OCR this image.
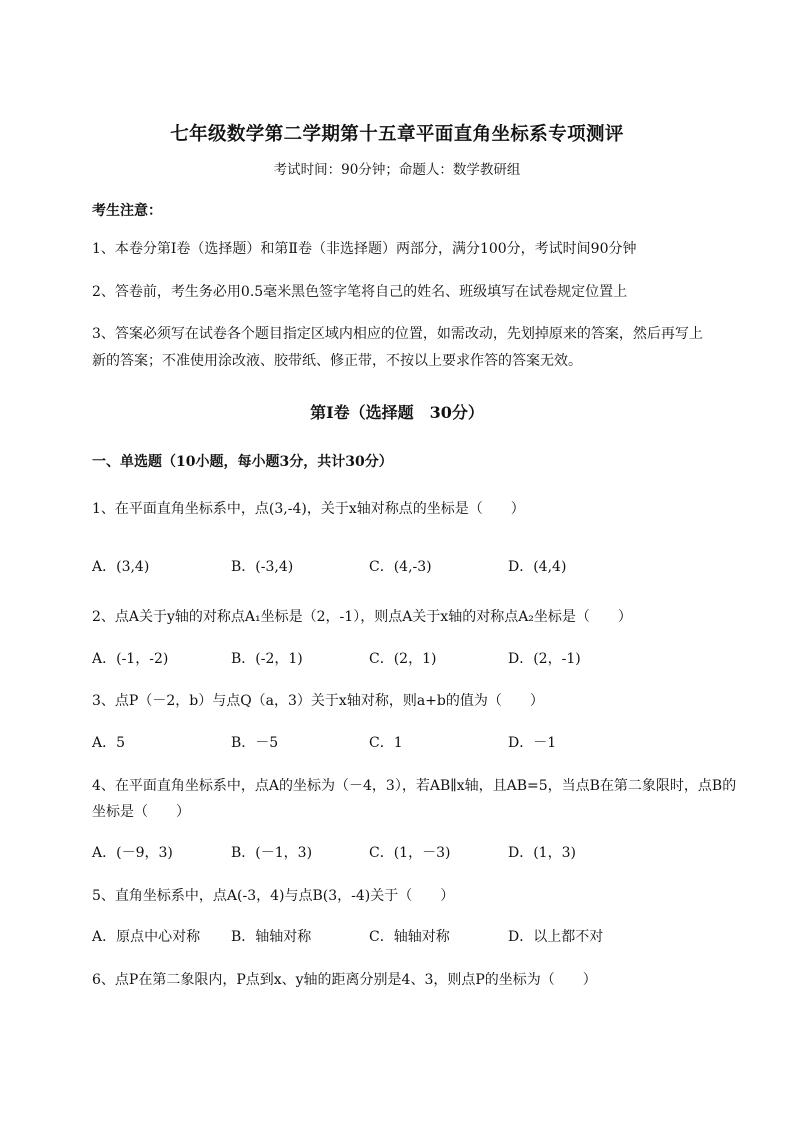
七年级数学第二学期第十五章平面直角坐标系专项测评
考试时间：90分钟；命题人：数学教研组
考生注意：
1、本卷分第I卷（选择题）和第Ⅱ卷（非选择题）两部分，满分100分，考试时间90分钟
2、答卷前，考生务必用0.5毫米黑色签字笔将自己的姓名、班级填写在试卷规定位置上
3、答案必须写在试卷各个题目指定区域内相应的位置，如需改动，先划掉原来的答案，然后再写上新的答案；不准使用涂改液、胶带纸、修正带，不按以上要求作答的答案无效。
第I卷（选择题　30分）
一、单选题（10小题，每小题3分，共计30分）
1、在平面直角坐标系中，点(3,-4)，关于x轴对称点的坐标是（　　）
A．(3,4)	B．(-3,4)	C．(4,-3)	D．(4,4)
2、点A关于y轴的对称点A₁坐标是（2，-1），则点A关于x轴的对称点A₂坐标是（　　）
A．(-1，-2)	B．(-2，1)	C．(2，1)	D．(2，-1)
3、点P（－2，b）与点Q（a，3）关于x轴对称，则a+b的值为（　　）
A．5	B．－5	C．1	D．－1
4、在平面直角坐标系中，点A的坐标为（－4，3），若AB∥x轴，且AB=5，当点B在第二象限时，点B的坐标是（　　）
A．(－9，3)	B．(－1，3)	C．(1，－3)	D．(1，3)
5、直角坐标系中，点A(-3，4)与点B(3，-4)关于（　　）
A．原点中心对称 B．轴轴对称	C．轴轴对称	D．以上都不对
6、点P在第二象限内，P点到x、y轴的距离分别是4、3，则点P的坐标为（　　）
